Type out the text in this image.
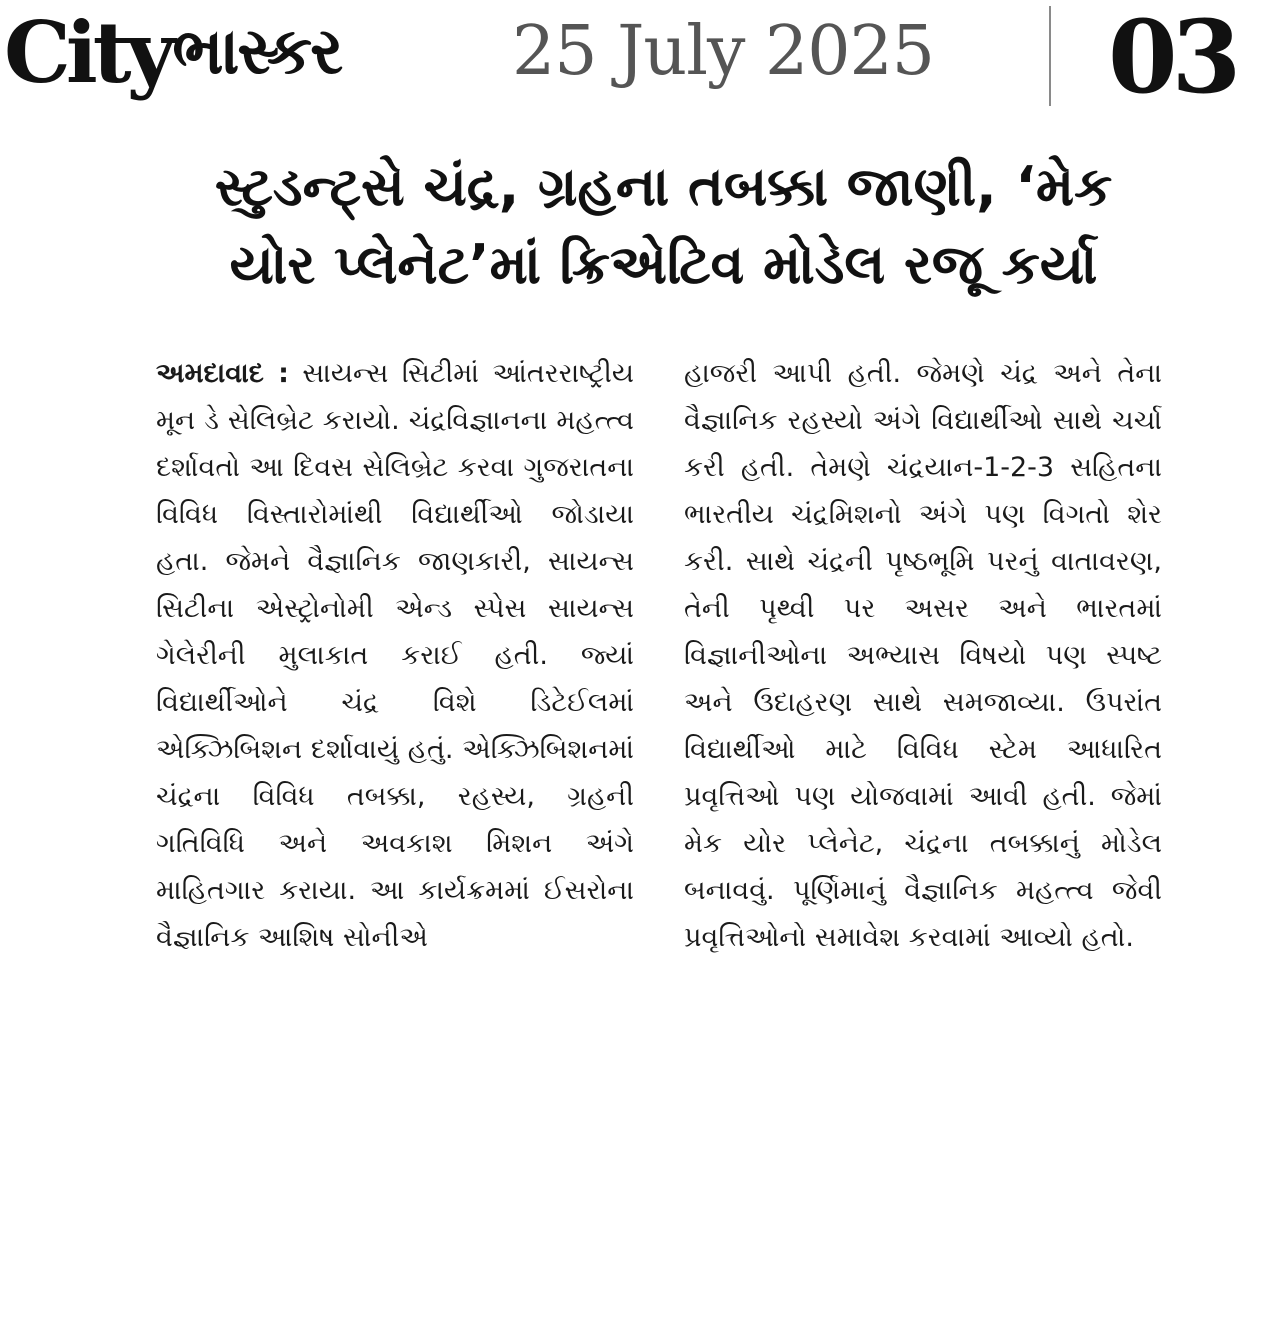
City ભાસ્કર	25 July 2025 03
સ્ટુડન્ટ્સે ચંદ્ર, ગ્રહના તબક્કા જાણી, ‘મેક
યોર પ્લેનેટ’માં ક્રિએટિવ મોડેલ રજૂ કર્યા

અમદાવાદ : સાયન્સ સિટીમાં આંતરરાષ્ટ્રીય મૂન ડે સેલિબ્રેટ કરાયો. ચંદ્રવિજ્ઞાનના મહત્ત્વ દર્શાવતો આ દિવસ સેલિબ્રેટ કરવા ગુજરાતના વિવિધ વિસ્તારોમાંથી વિદ્યાર્થીઓ જોડાયા હતા. જેમને વૈજ્ઞાનિક જાણકારી, સાયન્સ સિટીના એસ્ટ્રોનોમી એન્ડ સ્પેસ સાયન્સ ગેલેરીની મુલાકાત કરાઈ હતી. જ્યાં વિદ્યાર્થીઓને ચંદ્ર વિશે ડિટેઈલમાં એક્ઝિબિશન દર્શાવાયું હતું. એક્ઝિબિશનમાં ચંદ્રના વિવિધ તબક્કા, રહસ્ય, ગ્રહની ગતિવિધિ અને અવકાશ મિશન અંગે માહિતગાર કરાયા. આ કાર્યક્રમમાં ઈસરોના વૈજ્ઞાનિક આશિષ સોનીએ

હાજરી આપી હતી. જેમણે ચંદ્ર અને તેના વૈજ્ઞાનિક રહસ્યો અંગે વિદ્યાર્થીઓ સાથે ચર્ચા કરી હતી. તેમણે ચંદ્રયાન-1-2-3 સહિતના ભારતીય ચંદ્રમિશનો અંગે પણ વિગતો શેર કરી. સાથે ચંદ્રની પૃષ્ઠભૂમિ પરનું વાતાવરણ, તેની પૃથ્વી પર અસર અને ભારતમાં વિજ્ઞાનીઓના અભ્યાસ વિષયો પણ સ્પષ્ટ અને ઉદાહરણ સાથે સમજાવ્યા. ઉપરાંત વિદ્યાર્થીઓ માટે વિવિધ સ્ટેમ આધારિત પ્રવૃત્તિઓ પણ યોજવામાં આવી હતી. જેમાં મેક યોર પ્લેનેટ, ચંદ્રના તબક્કાનું મોડેલ બનાવવું. પૂર્ણિમાનું વૈજ્ઞાનિક મહત્ત્વ જેવી પ્રવૃત્તિઓનો સમાવેશ કરવામાં આવ્યો હતો.
